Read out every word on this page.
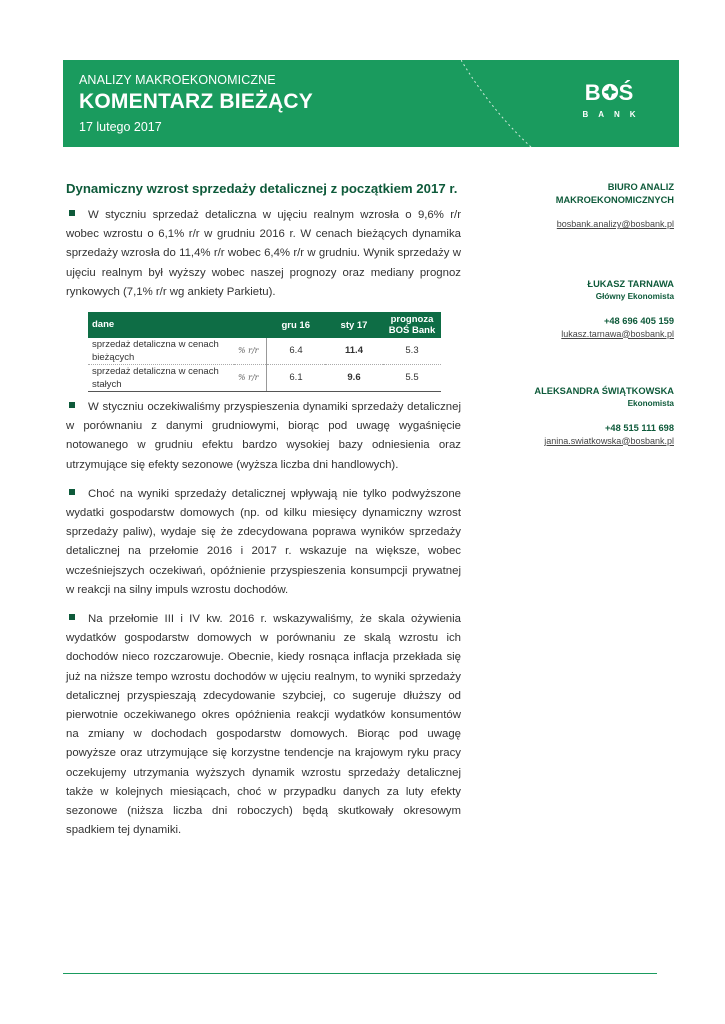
ANALIZY MAKROEKONOMICZNE
KOMENTARZ BIEŻĄCY
17 lutego 2017
B Ś
BANK
Dynamiczny wzrost sprzedaży detalicznej z początkiem 2017 r.
W styczniu sprzedaż detaliczna w ujęciu realnym wzrosła o 9,6% r/r wobec wzrostu o 6,1% r/r w grudniu 2016 r. W cenach bieżących dynamika sprzedaży wzrosła do 11,4% r/r wobec 6,4% r/r w grudniu. Wynik sprzedaży w ujęciu realnym był wyższy wobec naszej prognozy oraz mediany prognoz rynkowych (7,1% r/r wg ankiety Parkietu).
dane		gru 16	sty 17	prognoza BOŚ Bank
sprzedaż detaliczna w cenach bieżących	% r/r	6.4	11.4	5.3
sprzedaż detaliczna w cenach stałych	% r/r	6.1	9.6	5.5
W styczniu oczekiwaliśmy przyspieszenia dynamiki sprzedaży detalicznej w porównaniu z danymi grudniowymi, biorąc pod uwagę wygaśnięcie notowanego w grudniu efektu bardzo wysokiej bazy odniesienia oraz utrzymujące się efekty sezonowe (wyższa liczba dni handlowych).
Choć na wyniki sprzedaży detalicznej wpływają nie tylko podwyższone wydatki gospodarstw domowych (np. od kilku miesięcy dynamiczny wzrost sprzedaży paliw), wydaje się że zdecydowana poprawa wyników sprzedaży detalicznej na przełomie 2016 i 2017 r. wskazuje na większe, wobec wcześniejszych oczekiwań, opóźnienie przyspieszenia konsumpcji prywatnej w reakcji na silny impuls wzrostu dochodów.
Na przełomie III i IV kw. 2016 r. wskazywaliśmy, że skala ożywienia wydatków gospodarstw domowych w porównaniu ze skalą wzrostu ich dochodów nieco rozczarowuje. Obecnie, kiedy rosnąca inflacja przekłada się już na niższe tempo wzrostu dochodów w ujęciu realnym, to wyniki sprzedaży detalicznej przyspieszają zdecydowanie szybciej, co sugeruje dłuższy od pierwotnie oczekiwanego okres opóźnienia reakcji wydatków konsumentów na zmiany w dochodach gospodarstw domowych. Biorąc pod uwagę powyższe oraz utrzymujące się korzystne tendencje na krajowym ryku pracy oczekujemy utrzymania wyższych dynamik wzrostu sprzedaży detalicznej także w kolejnych miesiącach, choć w przypadku danych za luty efekty sezonowe (niższa liczba dni roboczych) będą skutkowały okresowym spadkiem tej dynamiki.
BIURO ANALIZ
MAKROEKONOMICZNYCH
bosbank.analizy@bosbank.pl
ŁUKASZ TARNAWA
Główny Ekonomista
+48 696 405 159
lukasz.tarnawa@bosbank.pl
ALEKSANDRA ŚWIĄTKOWSKA
Ekonomista
+48 515 111 698
janina.swiatkowska@bosbank.pl
